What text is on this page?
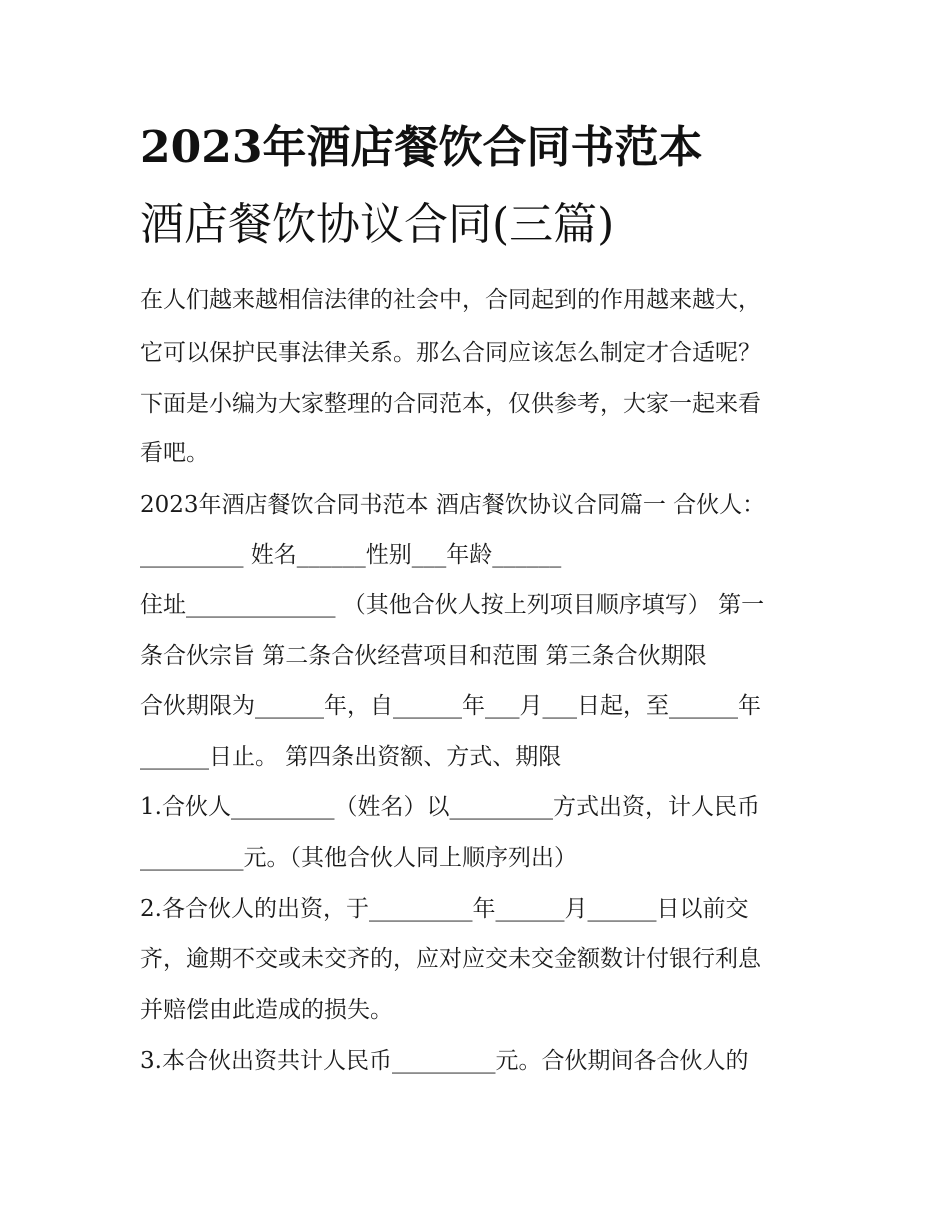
2023年酒店餐饮合同书范本
酒店餐饮协议合同(三篇)
在人们越来越相信法律的社会中，合同起到的作用越来越大，
它可以保护民事法律关系。那么合同应该怎么制定才合适呢？
下面是小编为大家整理的合同范本，仅供参考，大家一起来看
看吧。
2023年酒店餐饮合同书范本 酒店餐饮协议合同篇一 合伙人：
_________ 姓名______性别___年龄______
住址_____________ （其他合伙人按上列项目顺序填写） 第一
条合伙宗旨 第二条合伙经营项目和范围 第三条合伙期限
合伙期限为______年，自______年___月___日起，至______年
______日止。 第四条出资额、方式、期限
1.合伙人_________（姓名）以_________方式出资，计人民币
_________元。（其他合伙人同上顺序列出）
2.各合伙人的出资，于_________年______月______日以前交
齐，逾期不交或未交齐的，应对应交未交金额数计付银行利息
并赔偿由此造成的损失。
3.本合伙出资共计人民币_________元。合伙期间各合伙人的
